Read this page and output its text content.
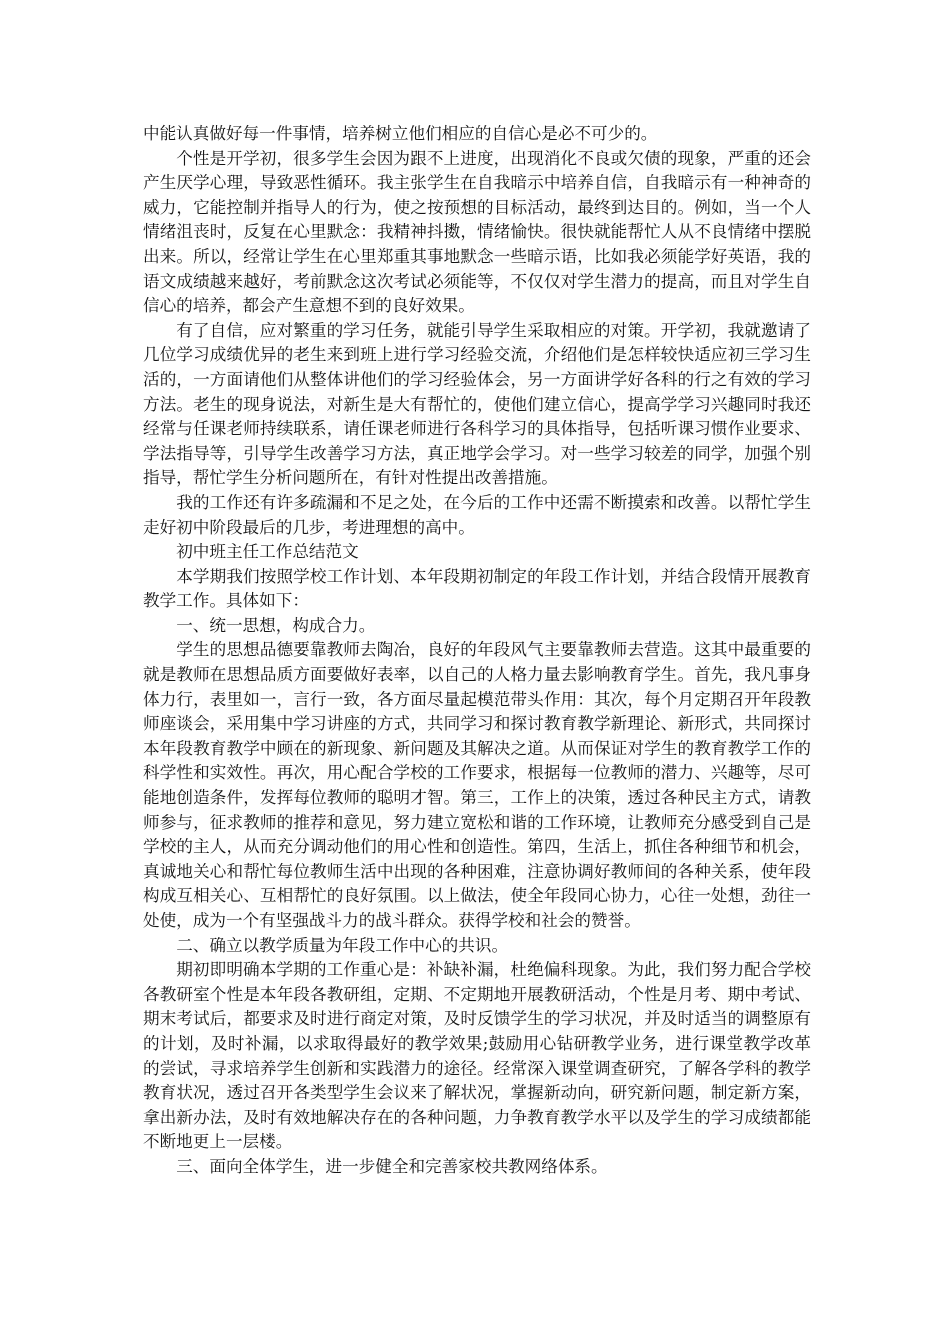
中能认真做好每一件事情，培养树立他们相应的自信心是必不可少的。

个性是开学初，很多学生会因为跟不上进度，出现消化不良或欠债的现象，严重的还会产生厌学心理，导致恶性循环。我主张学生在自我暗示中培养自信，自我暗示有一种神奇的威力，它能控制并指导人的行为，使之按预想的目标活动，最终到达目的。例如，当一个人情绪沮丧时，反复在心里默念：我精神抖擞，情绪愉快。很快就能帮忙人从不良情绪中摆脱出来。所以，经常让学生在心里郑重其事地默念一些暗示语，比如我必须能学好英语，我的语文成绩越来越好，考前默念这次考试必须能等，不仅仅对学生潜力的提高，而且对学生自信心的培养，都会产生意想不到的良好效果。

有了自信，应对繁重的学习任务，就能引导学生采取相应的对策。开学初，我就邀请了几位学习成绩优异的老生来到班上进行学习经验交流，介绍他们是怎样较快适应初三学习生活的，一方面请他们从整体讲他们的学习经验体会，另一方面讲学好各科的行之有效的学习方法。老生的现身说法，对新生是大有帮忙的，使他们建立信心，提高学学习兴趣同时我还经常与任课老师持续联系，请任课老师进行各科学习的具体指导，包括听课习惯作业要求、学法指导等，引导学生改善学习方法，真正地学会学习。对一些学习较差的同学，加强个别指导，帮忙学生分析问题所在，有针对性提出改善措施。

我的工作还有许多疏漏和不足之处，在今后的工作中还需不断摸索和改善。以帮忙学生走好初中阶段最后的几步，考进理想的高中。

初中班主任工作总结范文

本学期我们按照学校工作计划、本年段期初制定的年段工作计划，并结合段情开展教育教学工作。具体如下：

一、统一思想，构成合力。

学生的思想品德要靠教师去陶冶，良好的年段风气主要靠教师去营造。这其中最重要的就是教师在思想品质方面要做好表率，以自己的人格力量去影响教育学生。首先，我凡事身体力行，表里如一，言行一致，各方面尽量起模范带头作用：其次，每个月定期召开年段教师座谈会，采用集中学习讲座的方式，共同学习和探讨教育教学新理论、新形式，共同探讨本年段教育教学中顾在的新现象、新问题及其解决之道。从而保证对学生的教育教学工作的科学性和实效性。再次，用心配合学校的工作要求，根据每一位教师的潜力、兴趣等，尽可能地创造条件，发挥每位教师的聪明才智。第三，工作上的决策，透过各种民主方式，请教师参与，征求教师的推荐和意见，努力建立宽松和谐的工作环境，让教师充分感受到自己是学校的主人，从而充分调动他们的用心性和创造性。第四，生活上，抓住各种细节和机会，真诚地关心和帮忙每位教师生活中出现的各种困难，注意协调好教师间的各种关系，使年段构成互相关心、互相帮忙的良好氛围。以上做法，使全年段同心协力，心往一处想，劲往一处使，成为一个有坚强战斗力的战斗群众。获得学校和社会的赞誉。

二、确立以教学质量为年段工作中心的共识。

期初即明确本学期的工作重心是：补缺补漏，杜绝偏科现象。为此，我们努力配合学校各教研室个性是本年段各教研组，定期、不定期地开展教研活动，个性是月考、期中考试、期末考试后，都要求及时进行商定对策，及时反馈学生的学习状况，并及时适当的调整原有的计划，及时补漏，以求取得最好的教学效果;鼓励用心钻研教学业务，进行课堂教学改革的尝试，寻求培养学生创新和实践潜力的途径。经常深入课堂调查研究，了解各学科的教学教育状况，透过召开各类型学生会议来了解状况，掌握新动向，研究新问题，制定新方案，拿出新办法，及时有效地解决存在的各种问题，力争教育教学水平以及学生的学习成绩都能不断地更上一层楼。

三、面向全体学生，进一步健全和完善家校共教网络体系。
